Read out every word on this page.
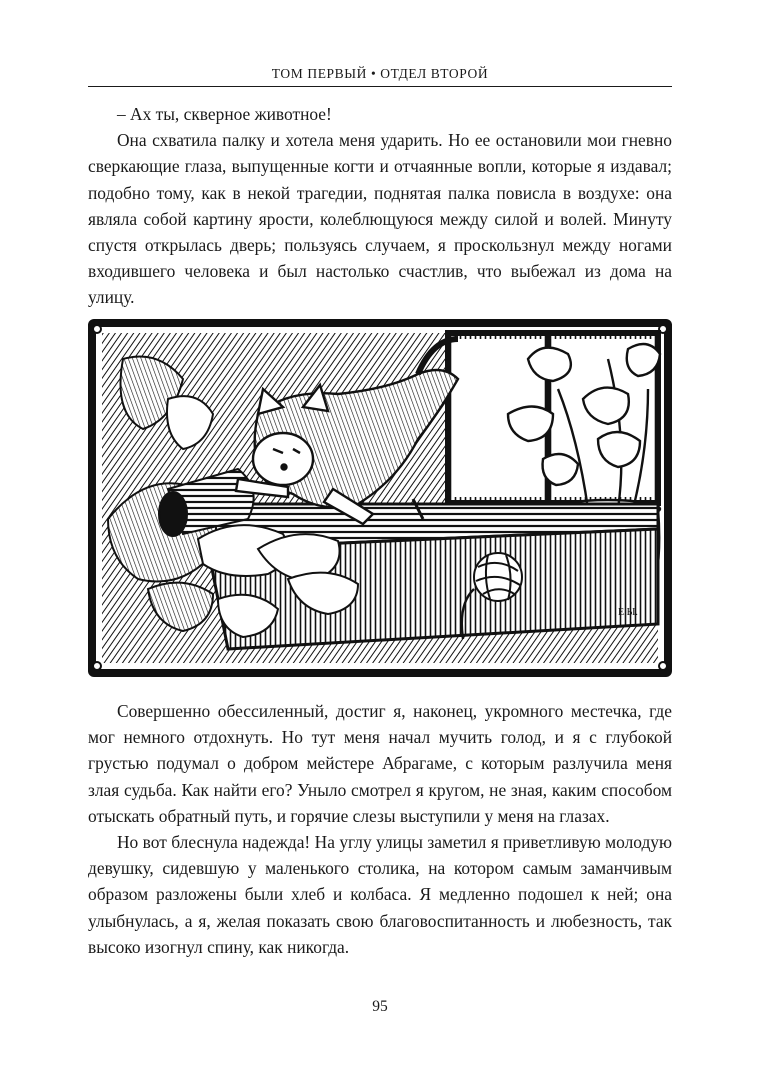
ТОМ ПЕРВЫЙ • ОТДЕЛ ВТОРОЙ

– Ах ты, скверное животное!

Она схватила палку и хотела меня ударить. Но ее остановили мои гневно сверкающие глаза, выпущенные когти и отчаянные вопли, которые я издавал; подобно тому, как в некой трагедии, поднятая палка повисла в воздухе: она являла собой картину ярости, колеблющуюся между силой и волей. Минуту спустя открылась дверь; пользуясь случаем, я проскользнул между ногами входившего человека и был настолько счастлив, что выбежал из дома на улицу.

Е.Ы.

Совершенно обессиленный, достиг я, наконец, укромного местечка, где мог немного отдохнуть. Но тут меня начал мучить голод, и я с глубокой грустью подумал о добром мейстере Абрагаме, с которым разлучила меня злая судьба. Как найти его? Уныло смотрел я кругом, не зная, каким способом отыскать обратный путь, и горячие слезы выступили у меня на глазах.

Но вот блеснула надежда! На углу улицы заметил я приветливую молодую девушку, сидевшую у маленького столика, на котором самым заманчивым образом разложены были хлеб и колбаса. Я медленно подошел к ней; она улыбнулась, а я, желая показать свою благовоспитанность и любезность, так высоко изогнул спину, как никогда.

95
